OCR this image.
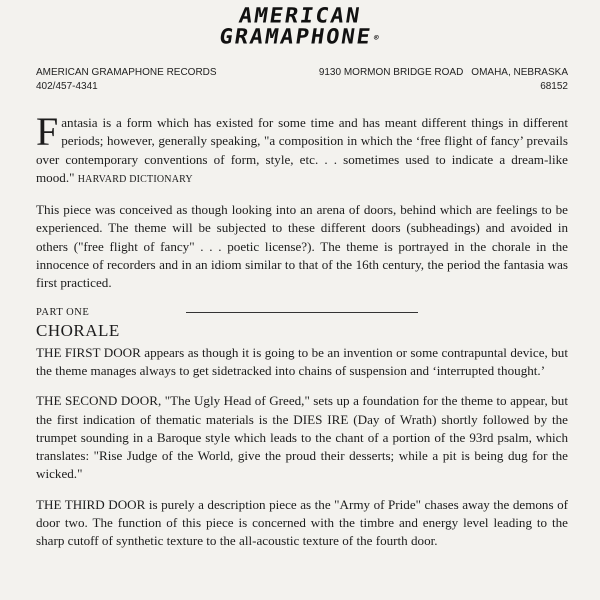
AMERICAN
GRAMAPHONE®
AMERICAN GRAMAPHONE RECORDS
402/457-4341
9130 MORMON BRIDGE ROAD OMAHA, NEBRASKA
68152

Fantasia is a form which has existed for some time and has meant different things in different periods; however, generally speaking, "a composition in which the ‘free flight of fancy’ prevails over contemporary conventions of form, style, etc. . . sometimes used to indicate a dream-like mood." HARVARD DICTIONARY

This piece was conceived as though looking into an arena of doors, behind which are feelings to be experienced. The theme will be subjected to these different doors (subheadings) and avoided in others ("free flight of fancy" . . . poetic license?). The theme is portrayed in the chorale in the innocence of recorders and in an idiom similar to that of the 16th century, the period the fantasia was first practiced.

PART ONE
CHORALE

THE FIRST DOOR appears as though it is going to be an invention or some contrapuntal device, but the theme manages always to get sidetracked into chains of suspension and ‘interrupted thought.’

THE SECOND DOOR, "The Ugly Head of Greed," sets up a foundation for the theme to appear, but the first indication of thematic materials is the DIES IRE (Day of Wrath) shortly followed by the trumpet sounding in a Baroque style which leads to the chant of a portion of the 93rd psalm, which translates: "Rise Judge of the World, give the proud their desserts; while a pit is being dug for the wicked."

THE THIRD DOOR is purely a description piece as the "Army of Pride" chases away the demons of door two. The function of this piece is concerned with the timbre and energy level leading to the sharp cutoff of synthetic texture to the all-acoustic texture of the fourth door.
